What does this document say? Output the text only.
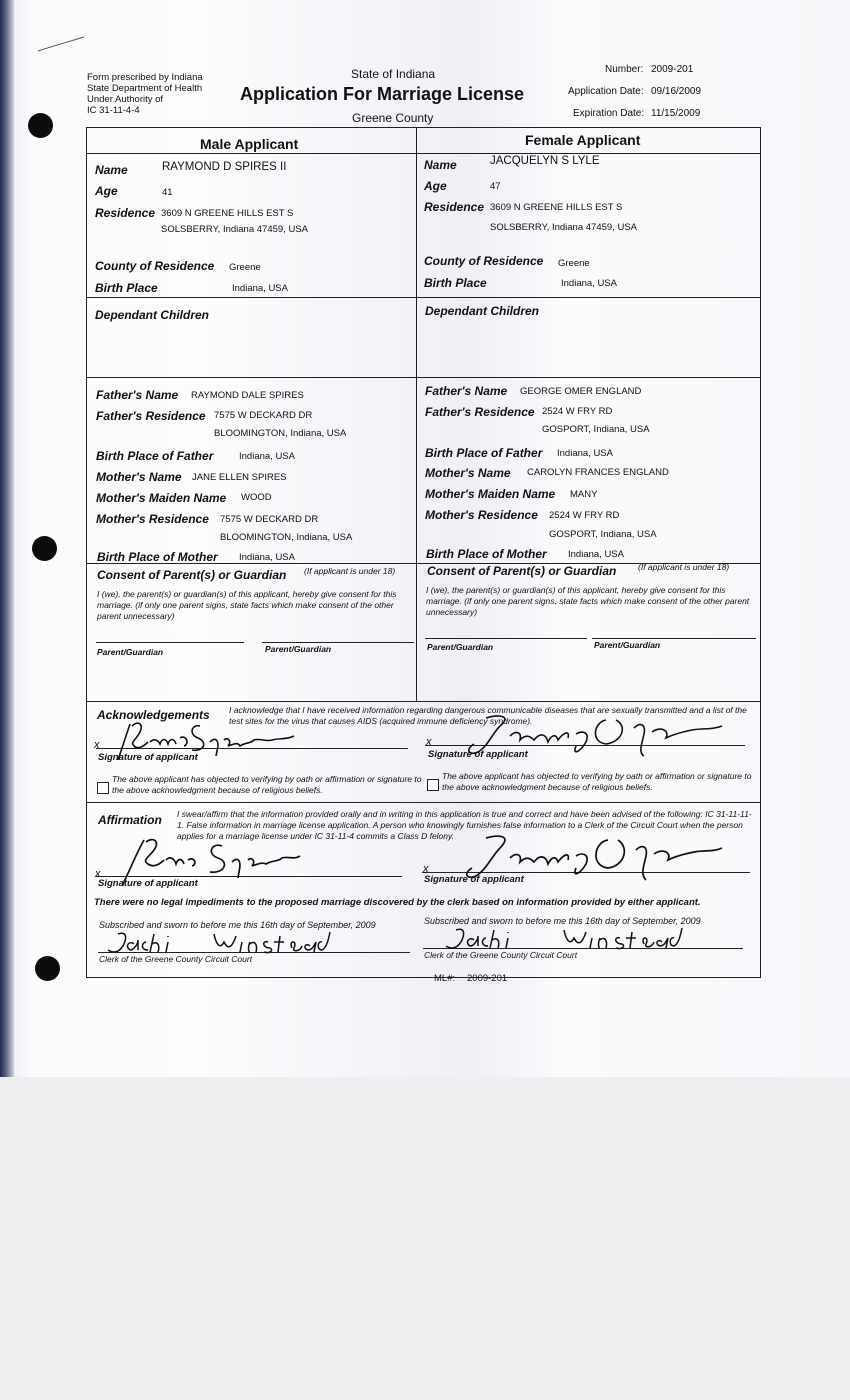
Form prescribed by Indiana
State Department of Health
Under Authority of
IC 31-11-4-4
State of Indiana
Application For Marriage License
Greene County
Number: 2009-201
Application Date: 09/16/2009
Expiration Date: 11/15/2009
Male Applicant	Female Applicant
Name	RAYMOND D SPIRES II
Age	41
Residence 3609 N GREENE HILLS EST S
SOLSBERRY, Indiana 47459, USA
County of Residence Greene
Birth Place	Indiana, USA
Dependant Children
Name	JACQUELYN S LYLE
Age	47
Residence 3609 N GREENE HILLS EST S
SOLSBERRY, Indiana 47459, USA
County of Residence Greene
Birth Place	Indiana, USA
Dependant Children
Father's Name RAYMOND DALE SPIRES
Father's Residence 7575 W DECKARD DR
BLOOMINGTON, Indiana, USA
Birth Place of Father	Indiana, USA
Mother's Name JANE ELLEN SPIRES
Mother's Maiden Name WOOD
Mother's Residence 7575 W DECKARD DR
BLOOMINGTON, Indiana, USA
Birth Place of Mother Indiana, USA
Father's Name GEORGE OMER ENGLAND
Father's Residence 2524 W FRY RD
GOSPORT, Indiana, USA
Birth Place of Father Indiana, USA
Mother's Name CAROLYN FRANCES ENGLAND
Mother's Maiden Name MANY
Mother's Residence 2524 W FRY RD
GOSPORT, Indiana, USA
Birth Place of Mother Indiana, USA
Consent of Parent(s) or Guardian (If applicant is under 18)
I (we), the parent(s) or guardian(s) of this applicant, hereby give consent for this marriage. (if only one parent signs, state facts which make consent of the other parent unnecessary)
Parent/Guardian	Parent/Guardian
Consent of Parent(s) or Guardian	(If applicant is under 18)
I (we), the parent(s) or guardian(s) of this applicant, hereby give consent for this marriage. (if only one parent signs, state facts which make consent of the other parent unnecessary)
Parent/Guardian	Parent/Guardian
Acknowledgements I acknowledge that I have received information regarding dangerous communicable diseases that are sexually transmitted and a list of the test sites for the virus that causes AIDS (acquired immune deficiency syndrome).
x
Signature of applicant
x
Signature of applicant
The above applicant has objected to verifying by oath or affirmation or signature to the above acknowledgment because of religious beliefs.
The above applicant has objected to verifying by oath or affirmation or signature to the above acknowledgment because of religious beliefs.
Affirmation I swear/affirm that the information provided orally and in writing in this application is true and correct and have been advised of the following: IC 31-11-11-1. False information in marriage license application. A person who knowingly furnishes false information to a Clerk of the Circuit Court when the person applies for a marriage license under IC 31-11-4 commits a Class D felony.
x
Signature of applicant
x
Signature of applicant
There were no legal impediments to the proposed marriage discovered by the clerk based on information provided by either applicant.
Subscribed and sworn to before me this 16th day of September, 2009
Clerk of the Greene County Circuit Court
Subscribed and sworn to before me this 16th day of September, 2009
Clerk of the Greene County Circuit Court
ML#: 2009-201
